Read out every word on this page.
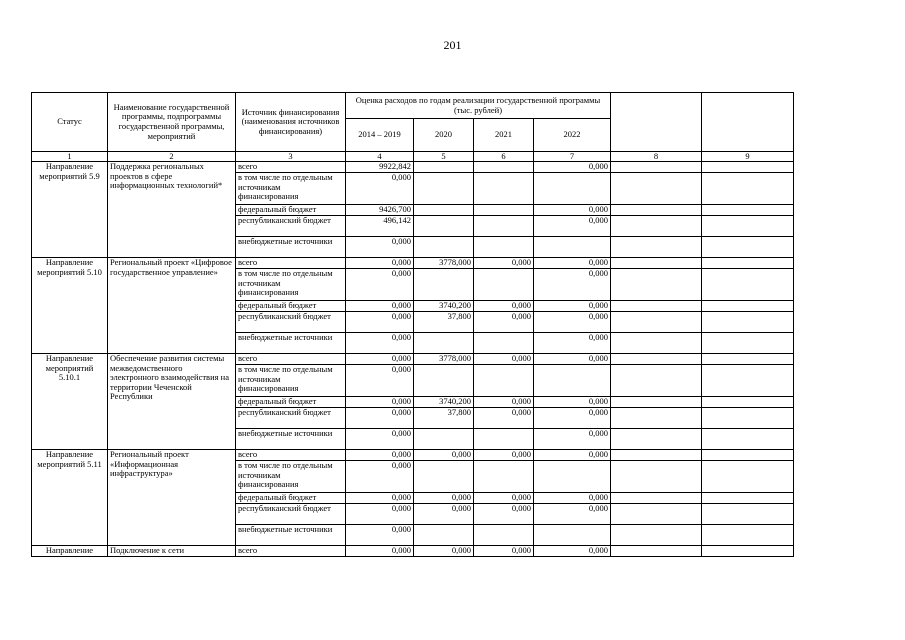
201
Статус	Наименование государственной программы, подпрограммы государственной программы, мероприятий	Источник финансирования (наименования источников финансирования)	Оценка расходов по годам реализации государственной программы (тыс. рублей)					
			2014 – 2019	2020	2021	2022		
1	2	3	4	5	6	7	8	9
Направление мероприятий 5.9	Поддержка региональных проектов в сфере информационных технологий*	всего	9922,842			0,000		
		в том числе по отдельным источникам финансирования	0,000					
		федеральный бюджет	9426,700			0,000		
		республиканский бюджет	496,142			0,000		
		внебюджетные источники	0,000					
Направление мероприятий 5.10	Региональный проект «Цифровое государственное управление»	всего	0,000	3778,000	0,000	0,000		
		в том числе по отдельным источникам финансирования	0,000			0,000		
		федеральный бюджет	0,000	3740,200	0,000	0,000		
		республиканский бюджет	0,000	37,800	0,000	0,000		
		внебюджетные источники	0,000			0,000		
Направление мероприятий 5.10.1	Обеспечение развития системы межведомственного электронного взаимодействия на территории Чеченской Республики	всего	0,000	3778,000	0,000	0,000		
		в том числе по отдельным источникам финансирования	0,000					
		федеральный бюджет	0,000	3740,200	0,000	0,000		
		республиканский бюджет	0,000	37,800	0,000	0,000		
		внебюджетные источники	0,000			0,000		
Направление мероприятий 5.11	Региональный проект «Информационная инфраструктура»	всего	0,000	0,000	0,000	0,000		
		в том числе по отдельным источникам финансирования	0,000					
		федеральный бюджет	0,000	0,000	0,000	0,000		
		республиканский бюджет	0,000	0,000	0,000	0,000		
		внебюджетные источники	0,000					
Направление	Подключение к сети	всего	0,000	0,000	0,000	0,000		
